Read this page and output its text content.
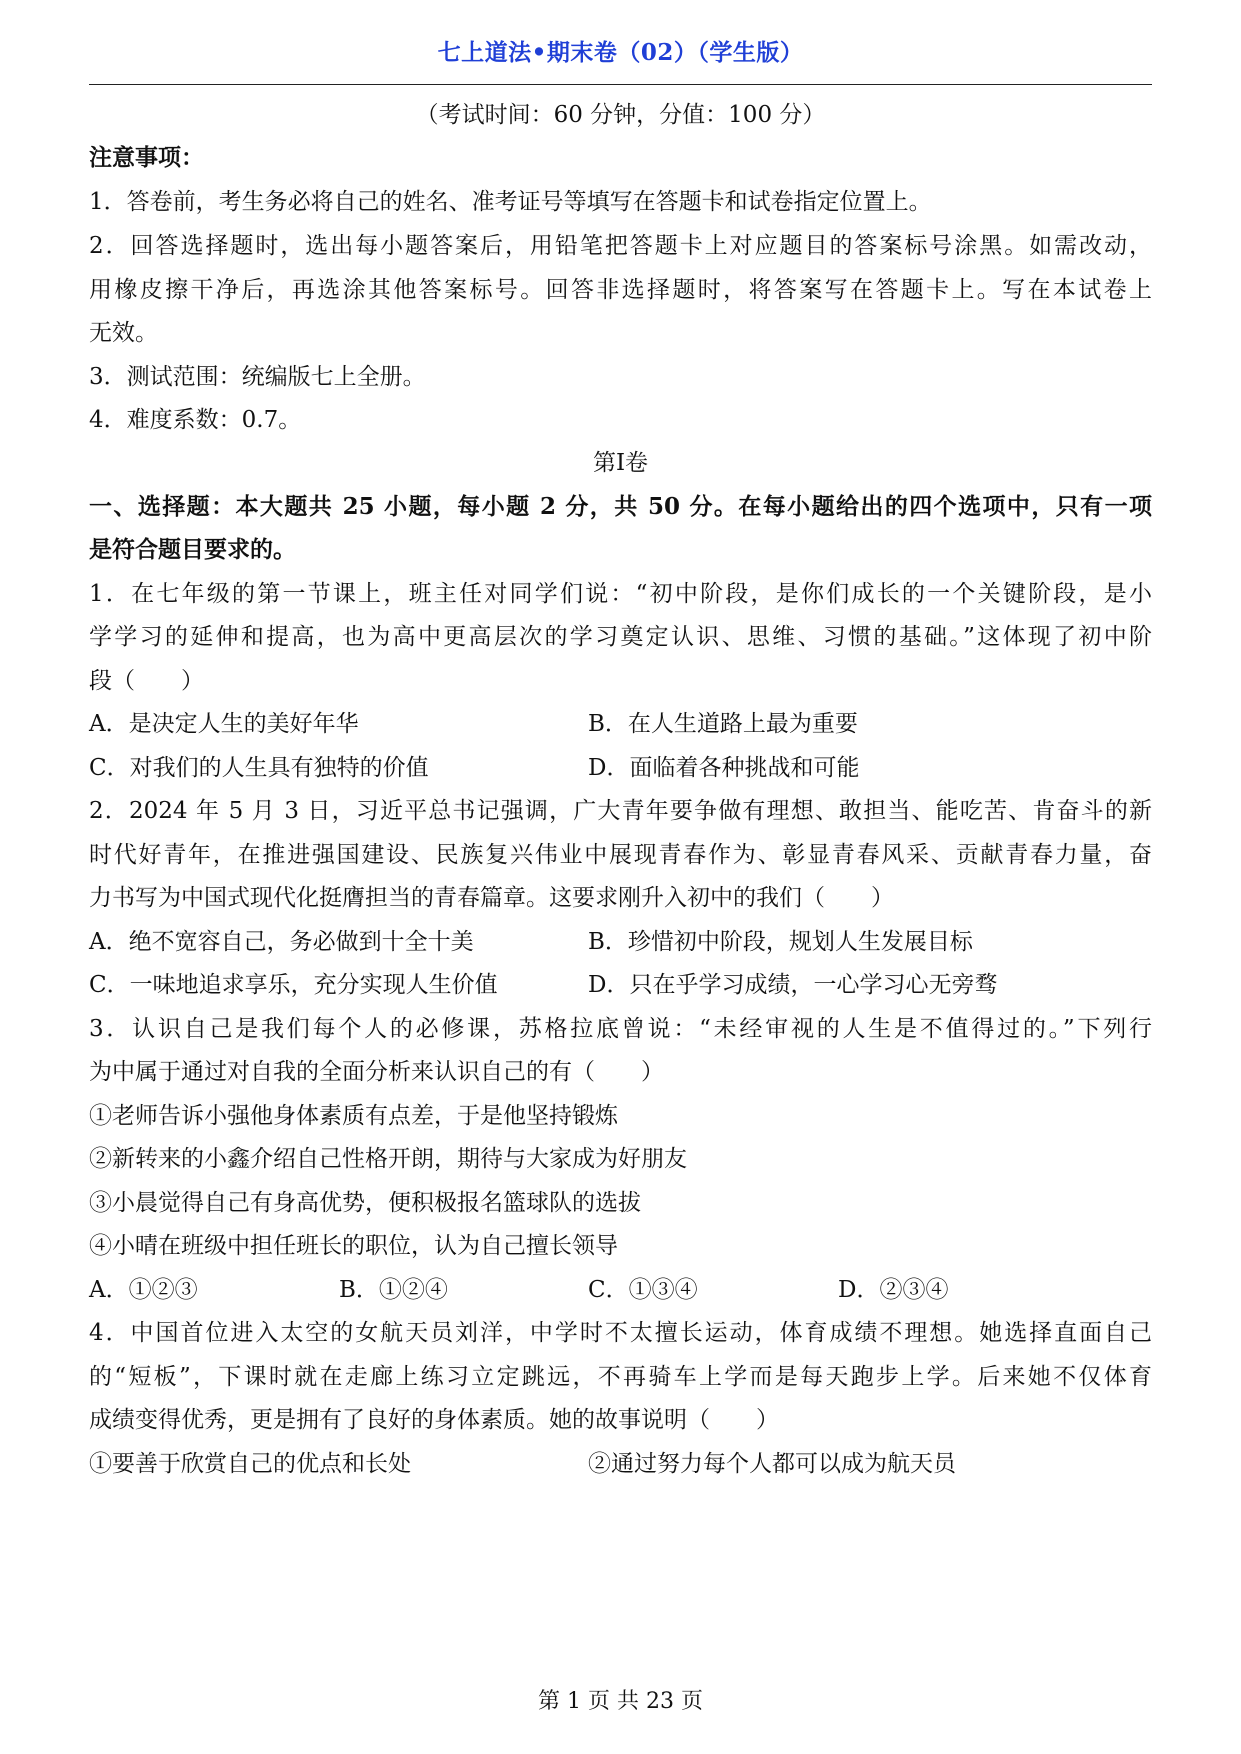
七上道法•期末卷（02）（学生版）
（考试时间：60 分钟，分值：100 分）
注意事项：
1．答卷前，考生务必将自己的姓名、准考证号等填写在答题卡和试卷指定位置上。
2．回答选择题时，选出每小题答案后，用铅笔把答题卡上对应题目的答案标号涂黑。如需改动，
用橡皮擦干净后，再选涂其他答案标号。回答非选择题时，将答案写在答题卡上。写在本试卷上
无效。
3．测试范围：统编版七上全册。
4．难度系数：0.7。
第Ⅰ卷
一、选择题：本大题共 25 小题，每小题 2 分，共 50 分。在每小题给出的四个选项中，只有一项
是符合题目要求的。
1．在七年级的第一节课上，班主任对同学们说：“初中阶段，是你们成长的一个关键阶段，是小
学学习的延伸和提高，也为高中更高层次的学习奠定认识、思维、习惯的基础。”这体现了初中阶
段（　　）
A．是决定人生的美好年华	B．在人生道路上最为重要
C．对我们的人生具有独特的价值	D．面临着各种挑战和可能
2．2024 年 5 月 3 日，习近平总书记强调，广大青年要争做有理想、敢担当、能吃苦、肯奋斗的新
时代好青年，在推进强国建设、民族复兴伟业中展现青春作为、彰显青春风采、贡献青春力量，奋
力书写为中国式现代化挺膺担当的青春篇章。这要求刚升入初中的我们（　　）
A．绝不宽容自己，务必做到十全十美	B．珍惜初中阶段，规划人生发展目标
C．一味地追求享乐，充分实现人生价值	D．只在乎学习成绩，一心学习心无旁骛
3．认识自己是我们每个人的必修课，苏格拉底曾说：“未经审视的人生是不值得过的。”下列行
为中属于通过对自我的全面分析来认识自己的有（　　）
①老师告诉小强他身体素质有点差，于是他坚持锻炼
②新转来的小鑫介绍自己性格开朗，期待与大家成为好朋友
③小晨觉得自己有身高优势，便积极报名篮球队的选拔
④小晴在班级中担任班长的职位，认为自己擅长领导
A．①②③	B．①②④	C．①③④	D．②③④
4．中国首位进入太空的女航天员刘洋，中学时不太擅长运动，体育成绩不理想。她选择直面自己
的“短板”，下课时就在走廊上练习立定跳远，不再骑车上学而是每天跑步上学。后来她不仅体育
成绩变得优秀，更是拥有了良好的身体素质。她的故事说明（　　）
①要善于欣赏自己的优点和长处	②通过努力每个人都可以成为航天员
第 1 页 共 23 页
